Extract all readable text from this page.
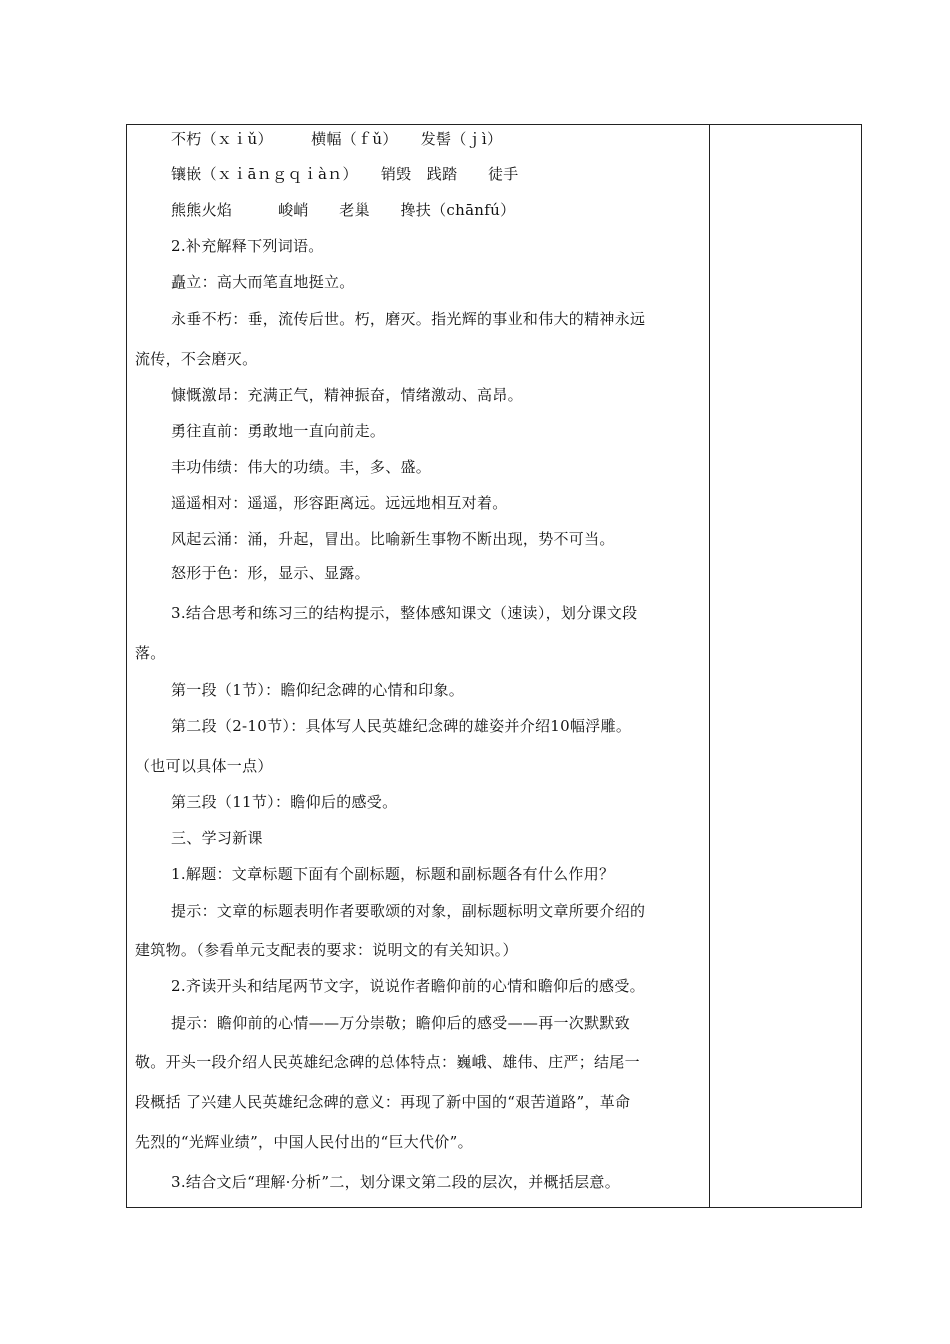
不朽（ｘｉǔ）　　　横幅（ｆǔ）　　发髻（ｊì）
镶嵌（ｘｉāｎｇｑｉàｎ）　　销毁　践踏　　徒手
熊熊火焰　　　峻峭　　老巢　　搀扶（chānfú）
2.补充解释下列词语。
矗立：高大而笔直地挺立。
永垂不朽：垂，流传后世。朽，磨灭。指光辉的事业和伟大的精神永远
流传，不会磨灭。
慷慨激昂：充满正气，精神振奋，情绪激动、高昂。
勇往直前：勇敢地一直向前走。
丰功伟绩：伟大的功绩。丰，多、盛。
遥遥相对：遥遥，形容距离远。远远地相互对着。
风起云涌：涌，升起，冒出。比喻新生事物不断出现，势不可当。
怒形于色：形，显示、显露。
3.结合思考和练习三的结构提示，整体感知课文（速读），划分课文段
落。
第一段（1节）：瞻仰纪念碑的心情和印象。
第二段（2-10节）：具体写人民英雄纪念碑的雄姿并介绍10幅浮雕。
（也可以具体一点）
第三段（11节）：瞻仰后的感受。
三、学习新课
1.解题：文章标题下面有个副标题，标题和副标题各有什么作用？
提示：文章的标题表明作者要歌颂的对象，副标题标明文章所要介绍的
建筑物。（参看单元支配表的要求：说明文的有关知识。）
2.齐读开头和结尾两节文字，说说作者瞻仰前的心情和瞻仰后的感受。
提示：瞻仰前的心情——万分崇敬；瞻仰后的感受——再一次默默致
敬。开头一段介绍人民英雄纪念碑的总体特点：巍峨、雄伟、庄严；结尾一
段概括 了兴建人民英雄纪念碑的意义：再现了新中国的“艰苦道路”，革命
先烈的“光辉业绩”，中国人民付出的“巨大代价”。
3.结合文后“理解·分析”二，划分课文第二段的层次，并概括层意。
